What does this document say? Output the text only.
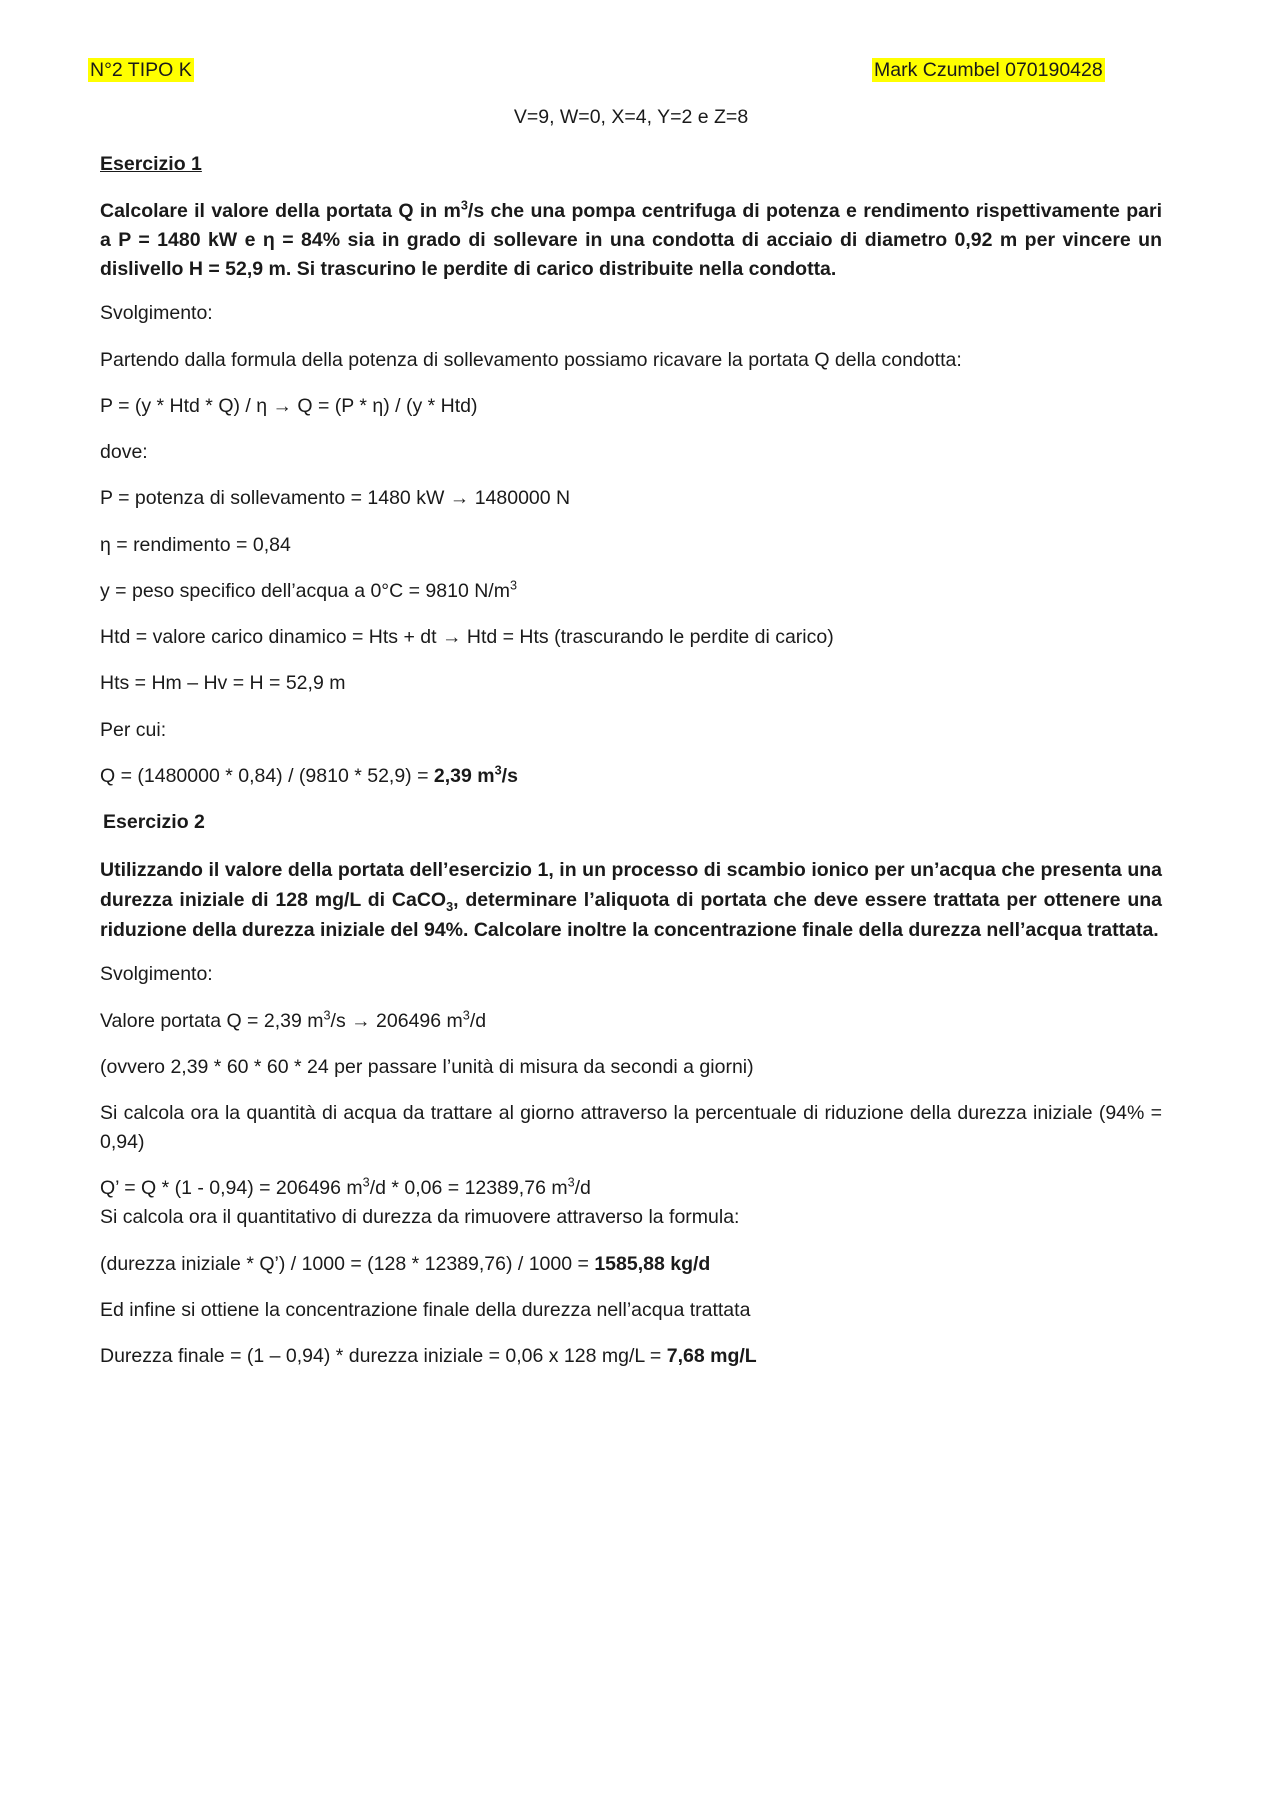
N°2 TIPO K	Mark Czumbel 070190428
V=9, W=0, X=4, Y=2 e Z=8

Esercizio 1

Calcolare il valore della portata Q in $m^3/s$ che una pompa centrifuga di potenza e rendimento rispettivamente pari a P = 1480 kW e η = 84% sia in grado di sollevare in una condotta di acciaio di diametro 0,92 m per vincere un dislivello H = 52,9 m. Si trascurino le perdite di carico distribuite nella condotta.

Svolgimento:

Partendo dalla formula della potenza di sollevamento possiamo ricavare la portata Q della condotta:

P = (y * Htd * Q) / η → Q = (P * η) / (y * Htd)

dove:

P = potenza di sollevamento = 1480 kW → 1480000 N

η = rendimento = 0,84

y = peso specifico dell’acqua a 0°C = 9810 $N/m^3$

Htd = valore carico dinamico = Hts + dt → Htd = Hts (trascurando le perdite di carico)

Hts = Hm – Hv = H = 52,9 m

Per cui:

Q = (1480000 * 0,84) / (9810 * 52,9) = 2,39 $m^3/s$

Esercizio 2

Utilizzando il valore della portata dell’esercizio 1, in un processo di scambio ionico per un’acqua che presenta una durezza iniziale di 128 mg/L di CaCO$_3$, determinare l’aliquota di portata che deve essere trattata per ottenere una riduzione della durezza iniziale del 94%. Calcolare inoltre la concentrazione finale della durezza nell’acqua trattata.

Svolgimento:

Valore portata Q = 2,39 $m^3/s \to 206496$ $m^3/d$

(ovvero 2,39 * 60 * 60 * 24 per passare l’unità di misura da secondi a giorni)

Si calcola ora la quantità di acqua da trattare al giorno attraverso la percentuale di riduzione della durezza iniziale (94% = 0,94)

Q’ = Q * (1 - 0,94) = 206496 $m^3/d * 0,06 = 12389,76$ $m^3/d$

Si calcola ora il quantitativo di durezza da rimuovere attraverso la formula:

(durezza iniziale * Q’) / 1000 = (128 * 12389,76) / 1000 = 1585,88 kg/d

Ed infine si ottiene la concentrazione finale della durezza nell’acqua trattata

Durezza finale = (1 – 0,94) * durezza iniziale = 0,06 x 128 mg/L = 7,68 mg/L
